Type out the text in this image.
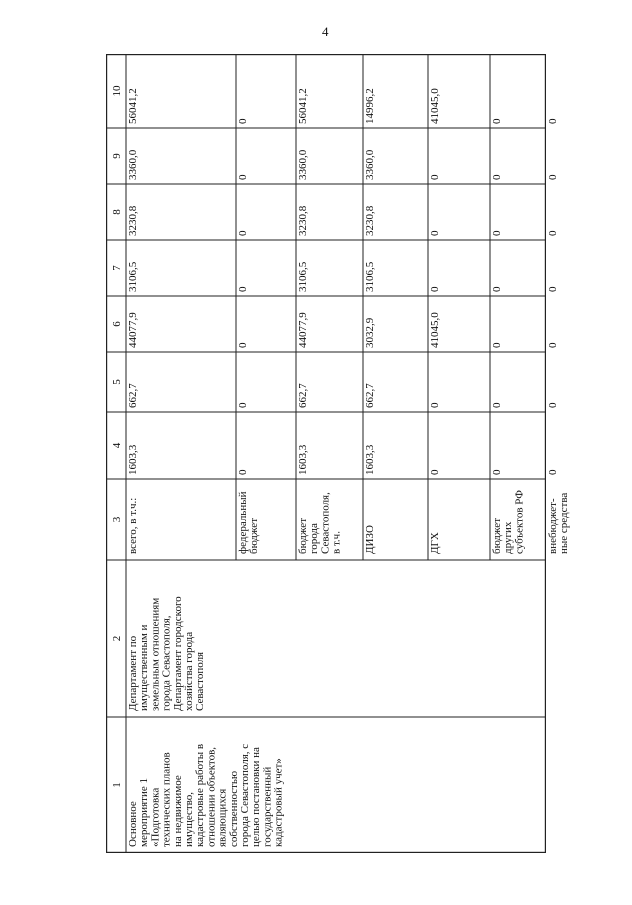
4
1
2
3
4
5
6
7
8
9
10
Основное мероприятие 1 «Подготовка технических планов на недвижимое имущество, кадастровые работы в отношении объектов, являющихся собственностью города Севастополя, с целью постановки на государственный кадастровый учет»
Департамент по имущественным и земельным отношениям города Севастополя, Департамент городского хозяйства города Севастополя
всего, в т.ч.:
1603,3
662,7
44077,9
3106,5
3230,8
3360,0
56041,2
федеральный бюджет
0
0
0
0
0
0
0
бюджет города Севастополя, в т.ч.
1603,3
662,7
44077,9
3106,5
3230,8
3360,0
56041,2
ДИЗО
1603,3
662,7
3032,9
3106,5
3230,8
3360,0
14996,2
ДГХ
0
0
41045,0
0
0
0
41045,0
бюджет других субъектов РФ
0
0
0
0
0
0
0
внебюджет- ные средства
0
0
0
0
0
0
0
